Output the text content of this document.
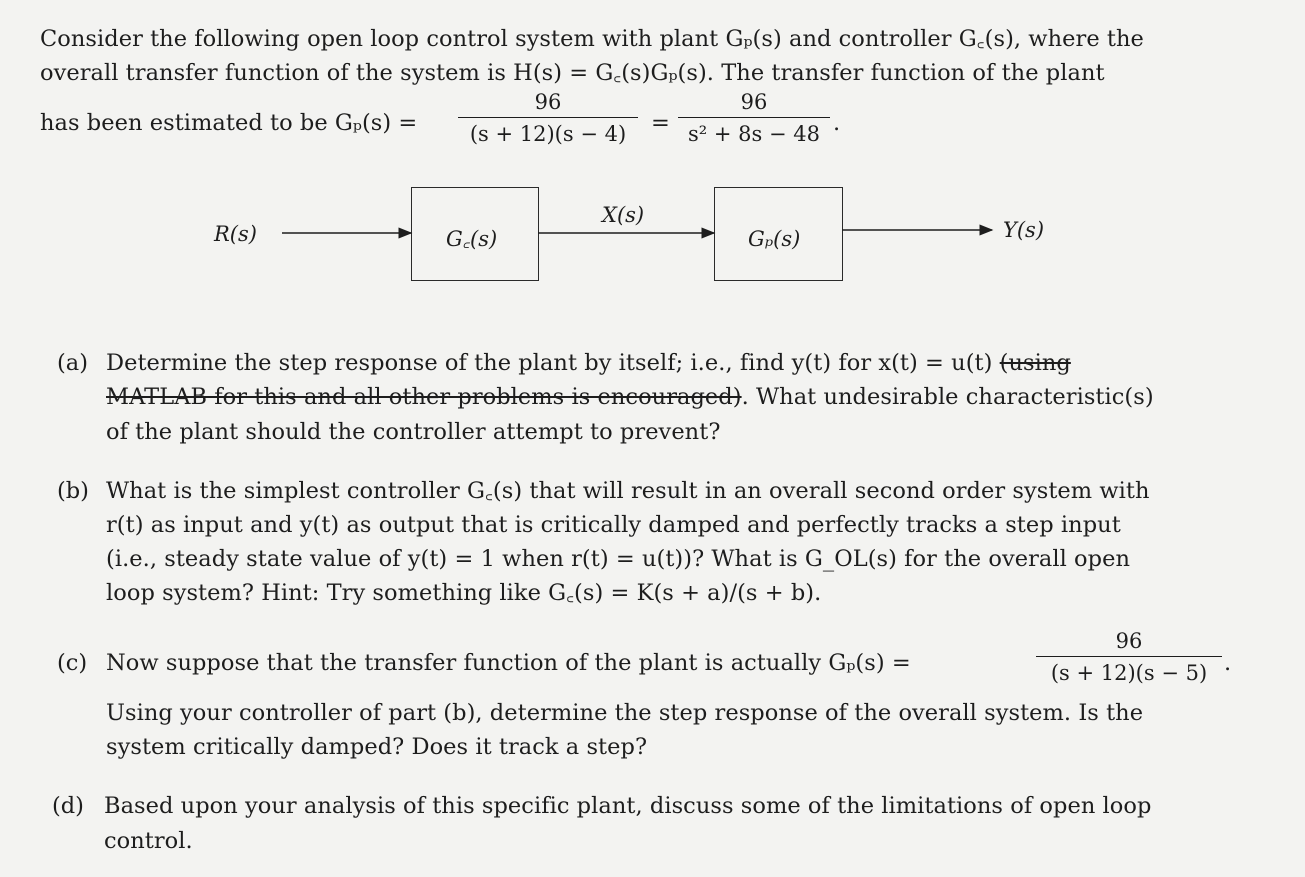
Consider the following open loop control system with plant Gₚ(s) and controller G꜀(s), where the
overall transfer function of the system is H(s) = G꜀(s)Gₚ(s). The transfer function of the plant
has been estimated to be Gₚ(s) =
96
(s + 12)(s − 4)	=
96
s² + 8s − 48 .
R(s)	G꜀(s)
X(s)
Gₚ(s)	Y(s)
(a) Determine the step response of the plant by itself; i.e., find y(t) for x(t) = u(t) (using
MATLAB for this and all other problems is encouraged). What undesirable characteristic(s)
of the plant should the controller attempt to prevent?
(b) What is the simplest controller G꜀(s) that will result in an overall second order system with
r(t) as input and y(t) as output that is critically damped and perfectly tracks a step input
(i.e., steady state value of y(t) = 1 when r(t) = u(t))? What is G_OL(s) for the overall open
loop system? Hint: Try something like G꜀(s) = K(s + a)/(s + b).
(c) Now suppose that the transfer function of the plant is actually Gₚ(s) =
96
(s + 12)(s − 5) .
Using your controller of part (b), determine the step response of the overall system. Is the
system critically damped? Does it track a step?
(d) Based upon your analysis of this specific plant, discuss some of the limitations of open loop
control.
